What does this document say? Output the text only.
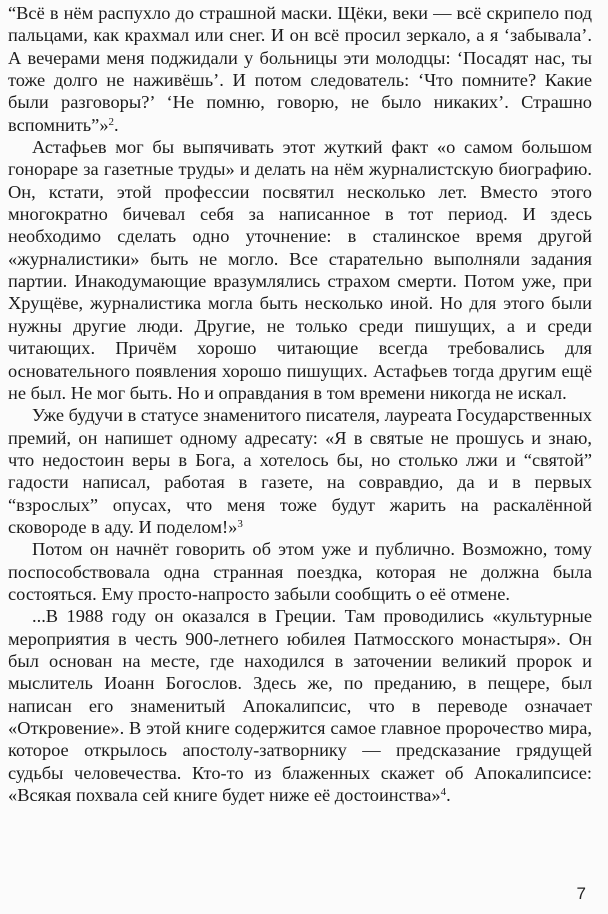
“Всё в нём распухло до страшной маски. Щёки, веки — всё скрипело под пальцами, как крахмал или снег. И он всё просил зеркало, а я ‘забывала’. А вечерами меня поджидали у больницы эти молодцы: ‘Посадят нас, ты тоже долго не наживёшь’. И потом следователь: ‘Что помните? Какие были разговоры?’ ‘Не помню, говорю, не было никаких’. Страшно вспомнить”»$^2$.

Астафьев мог бы выпячивать этот жуткий факт «о самом большом гонораре за газетные труды» и делать на нём журналистскую биографию. Он, кстати, этой профессии посвятил несколько лет. Вместо этого многократно бичевал себя за написанное в тот период. И здесь необходимо сделать одно уточнение: в сталинское время другой «журналистики» быть не могло. Все старательно выполняли задания партии. Инакодумающие вразумлялись страхом смерти. Потом уже, при Хрущёве, журналистика могла быть несколько иной. Но для этого были нужны другие люди. Другие, не только среди пишущих, а и среди читающих. Причём хорошо читающие всегда требовались для основательного появления хорошо пишущих. Астафьев тогда другим ещё не был. Не мог быть. Но и оправдания в том времени никогда не искал.

Уже будучи в статусе знаменитого писателя, лауреата Государственных премий, он напишет одному адресату: «Я в святые не прошусь и знаю, что недостоин веры в Бога, а хотелось бы, но столько лжи и “святой” гадости написал, работая в газете, на совравдио, да и в первых “взрослых” опусах, что меня тоже будут жарить на раскалённой сковороде в аду. И поделом!»$^3$

Потом он начнёт говорить об этом уже и публично. Возможно, тому поспособствовала одна странная поездка, которая не должна была состояться. Ему просто-напросто забыли сообщить о её отмене.

...В 1988 году он оказался в Греции. Там проводились «культурные мероприятия в честь 900-летнего юбилея Патмосского монастыря». Он был основан на месте, где находился в заточении великий пророк и мыслитель Иоанн Богослов. Здесь же, по преданию, в пещере, был написан его знаменитый Апокалипсис, что в переводе означает «Откровение». В этой книге содержится самое главное пророчество мира, которое открылось апостолу-затворнику — предсказание грядущей судьбы человечества. Кто-то из блаженных скажет об Апокалипсисе: «Всякая похвала сей книге будет ниже её достоинства»$^4$.

7
